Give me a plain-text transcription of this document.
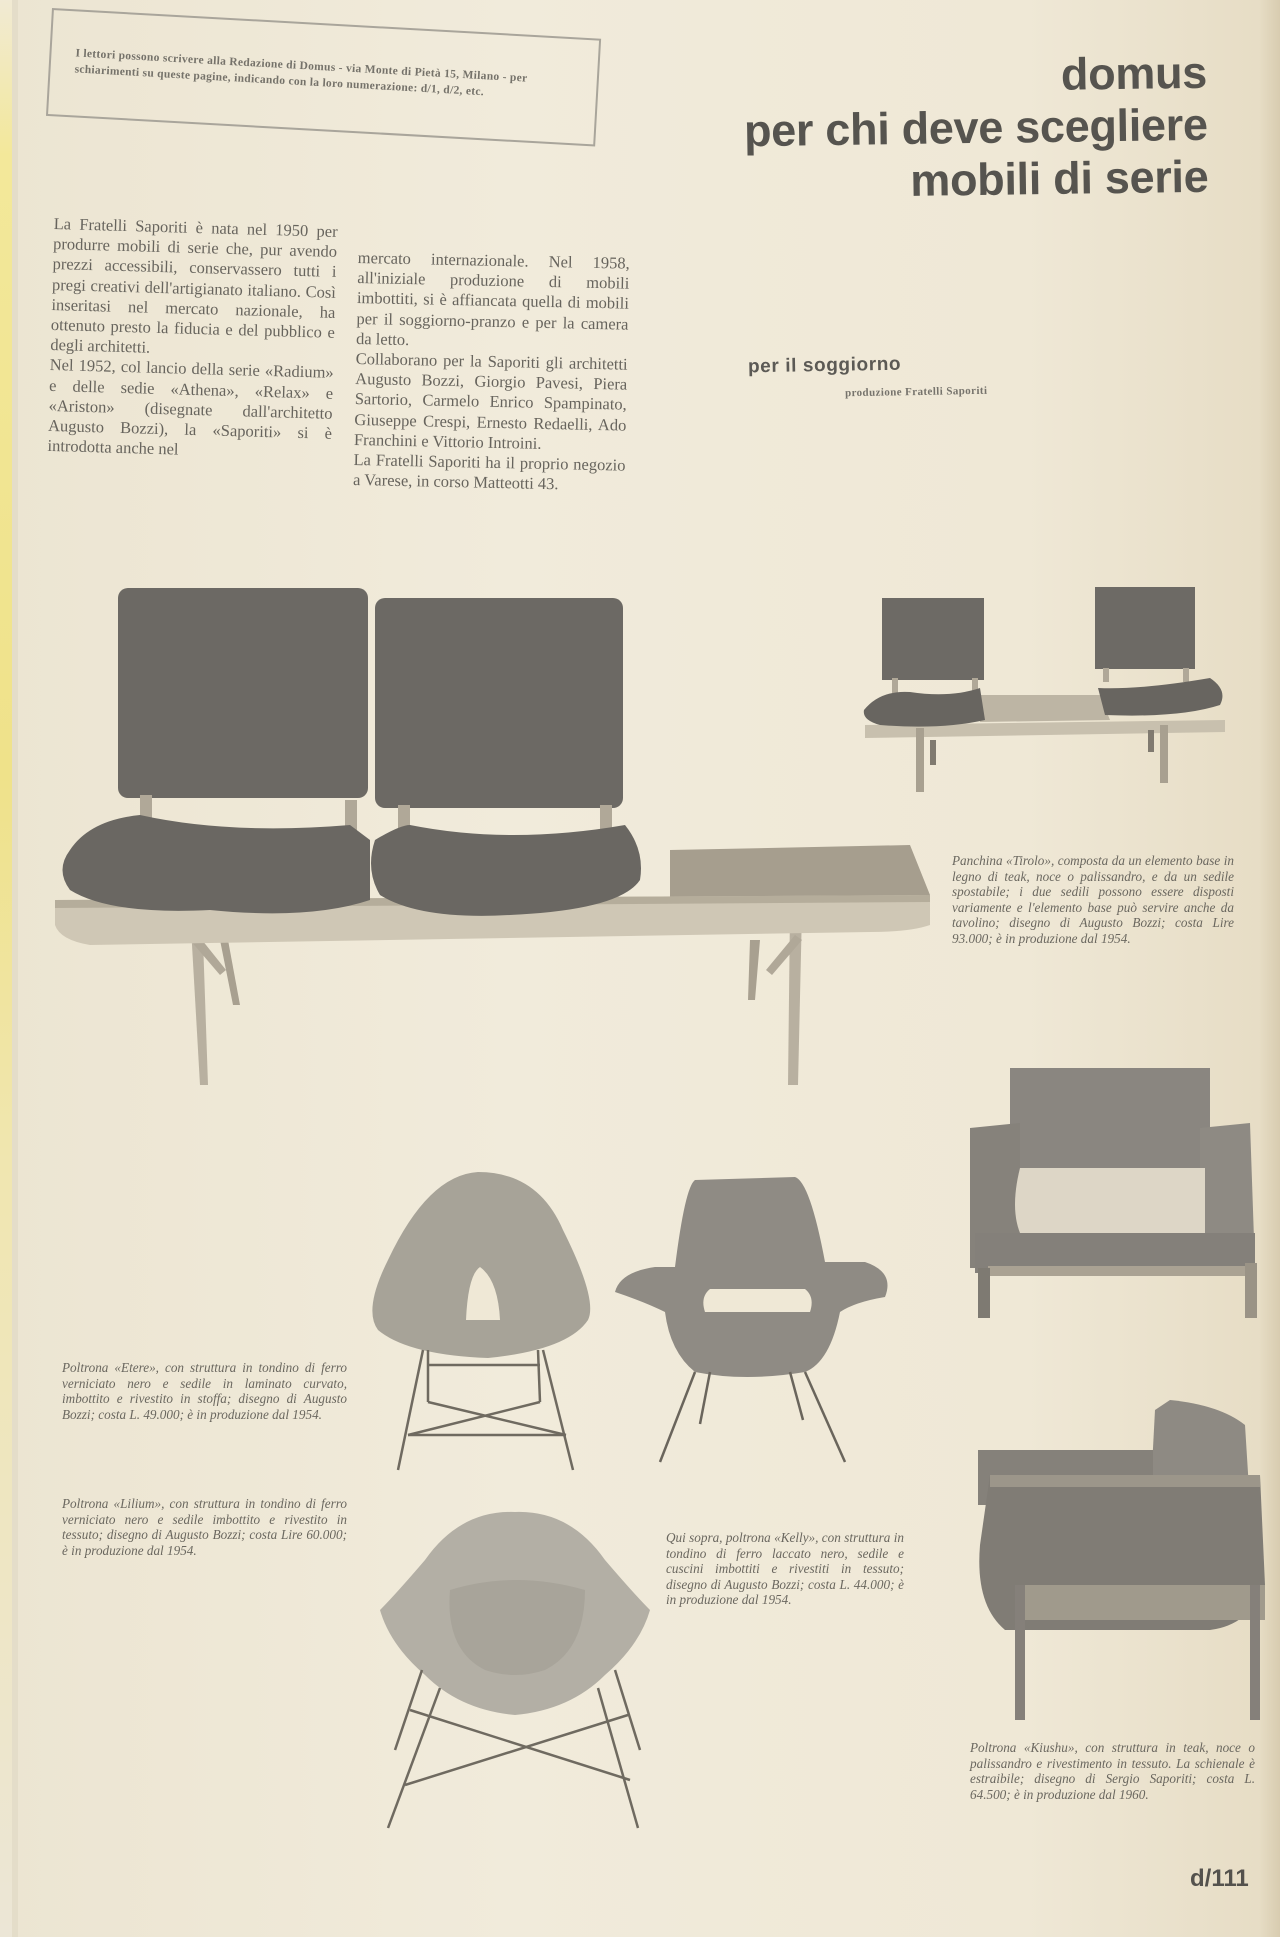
I lettori possono scrivere alla Redazione di Domus - via Monte di Pietà 15, Milano - per schiarimenti su queste pagine, indicando con la loro numerazione: d/1, d/2, etc.	domus
per chi deve scegliere
mobili di serie

La Fratelli Saporiti è nata nel 1950 per produrre mobili di serie che, pur avendo prezzi accessibili, conservassero tutti i pregi creativi dell'artigianato italiano. Così inseritasi nel mercato nazionale, ha ottenuto presto la fiducia e del pubblico e degli architetti.

Nel 1952, col lancio della serie «Radium» e delle sedie «Athena», «Relax» e «Ariston» (disegnate dall'architetto Augusto Bozzi), la «Saporiti» si è introdotta anche nel

mercato internazionale. Nel 1958, all'iniziale produzione di mobili imbottiti, si è affiancata quella di mobili per il soggiorno-pranzo e per la camera da letto.

Collaborano per la Saporiti gli architetti Augusto Bozzi, Giorgio Pavesi, Piera Sartorio, Carmelo Enrico Spampinato, Giuseppe Crespi, Ernesto Redaelli, Ado Franchini e Vittorio Introini.

La Fratelli Saporiti ha il proprio negozio a Varese, in corso Matteotti 43.

per il soggiorno
produzione Fratelli Saporiti
Panchina «Tirolo», composta da un elemento base in legno di teak, noce o palissandro, e da un sedile spostabile; i due sedili possono essere disposti variamente e l'elemento base può servire anche da tavolino; disegno di Augusto Bozzi; costa Lire 93.000; è in produzione dal 1954.
Poltrona «Etere», con struttura in tondino di ferro verniciato nero e sedile in laminato curvato, imbottito e rivestito in stoffa; disegno di Augusto Bozzi; costa L. 49.000; è in produzione dal 1954.
Poltrona «Lilium», con struttura in tondino di ferro verniciato nero e sedile imbottito e rivestito in tessuto; disegno di Augusto Bozzi; costa Lire 60.000; è in produzione dal 1954.
Qui sopra, poltrona «Kelly», con struttura in tondino di ferro laccato nero, sedile e cuscini imbottiti e rivestiti in tessuto; disegno di Augusto Bozzi; costa L. 44.000; è in produzione dal 1954.
Poltrona «Kiushu», con struttura in teak, noce o palissandro e rivestimento in tessuto. La schienale è estraibile; disegno di Sergio Saporiti; costa L. 64.500; è in produzione dal 1960.
d/111
